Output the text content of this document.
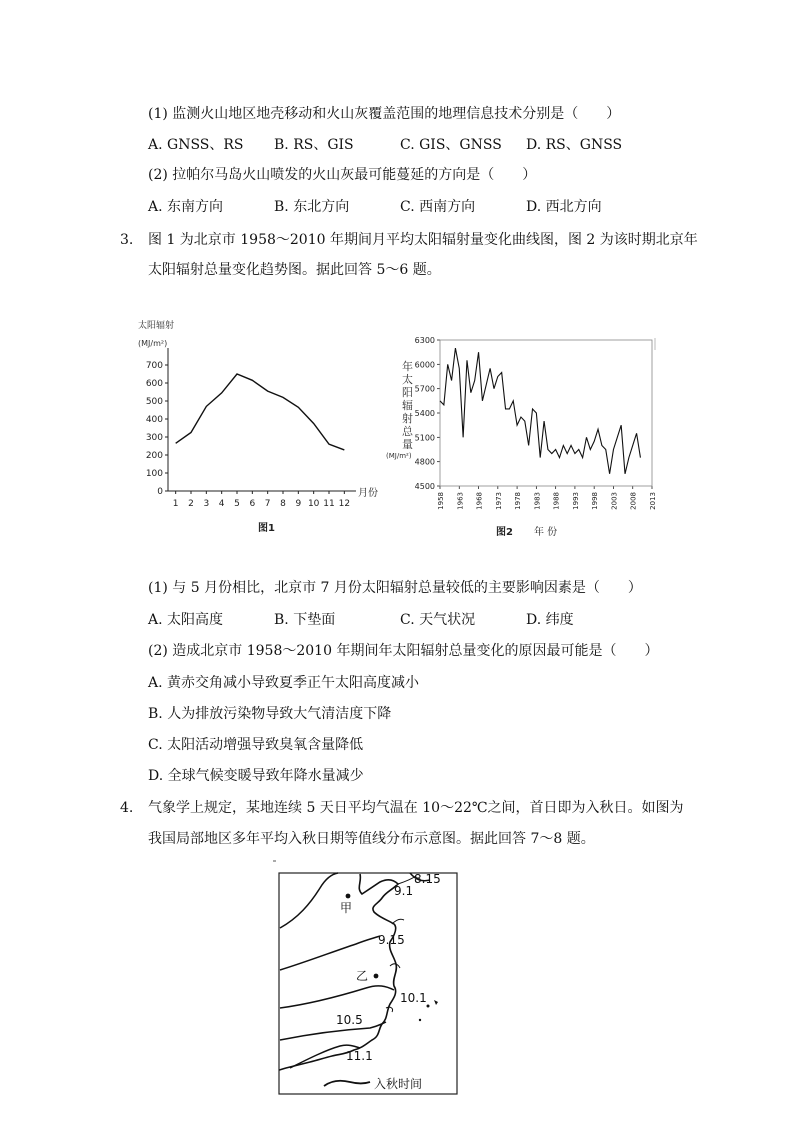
(1) 监测火山地区地壳移动和火山灰覆盖范围的地理信息技术分别是（　　）
A. GNSS、RS B. RS、GIS	C. GIS、GNSS D. RS、GNSS
(2) 拉帕尔马岛火山喷发的火山灰最可能蔓延的方向是（　　）
A. 东南方向	B. 东北方向	C. 西南方向	D. 西北方向
3. 图 1 为北京市 1958～2010 年期间月平均太阳辐射量变化曲线图，图 2 为该时期北京年
太阳辐射总量变化趋势图。据此回答 5～6 题。
太阳辐射
(MJ/m²)
0
100
200
300
400
500
600
700
1 2 3 4 5 6 7 8 9 10 11 12
月份
图1
年太阳辐射总量
(MJ/m²)
4500
4800
5100
5400
5700
6000
6300
1958 1963 1968 1973 1978 1983 1988 1993 1998 2003 2008 2013
图2 年 份
(1) 与 5 月份相比，北京市 7 月份太阳辐射总量较低的主要影响因素是（　　）
A. 太阳高度	B. 下垫面	C. 天气状况	D. 纬度
(2) 造成北京市 1958～2010 年期间年太阳辐射总量变化的原因最可能是（　　）
A. 黄赤交角减小导致夏季正午太阳高度减小
B. 人为排放污染物导致大气清洁度下降
C. 太阳活动增强导致臭氧含量降低
D. 全球气候变暖导致年降水量减少
4. 气象学上规定，某地连续 5 天日平均气温在 10～22℃之间，首日即为入秋日。如图为
我国局部地区多年平均入秋日期等值线分布示意图。据此回答 7～8 题。
8.15
9.1
9.15
10.1
10.5
11.1
甲
乙
入秋时间
